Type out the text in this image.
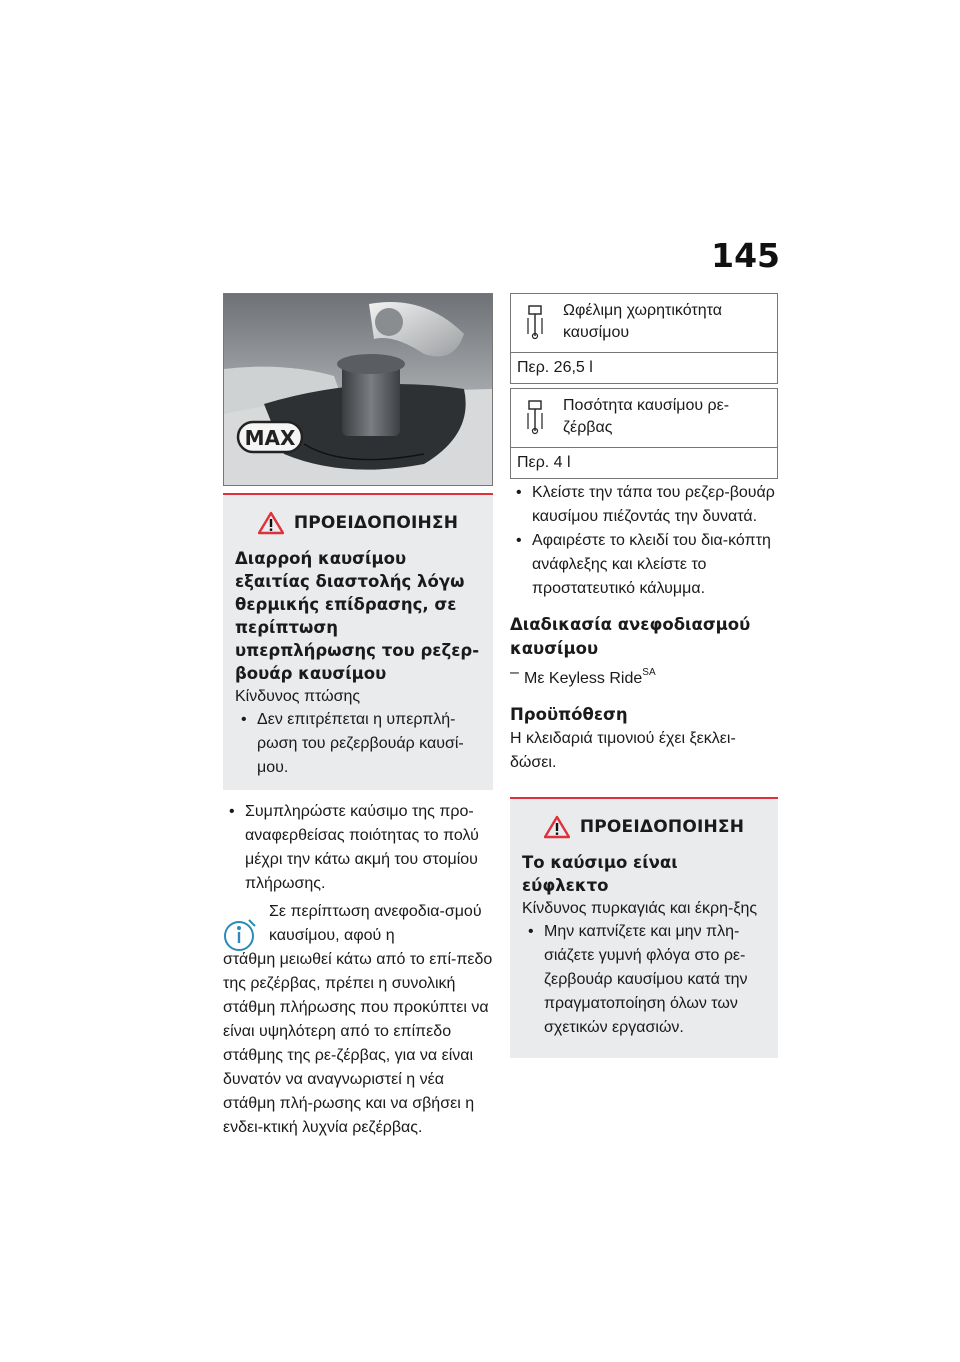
145
MAX
ΠΡΟΕΙΔΟΠΟΙΗΣΗ
Διαρροή καυσίμου εξαιτίας διαστολής λόγω θερμικής επίδρασης, σε περίπτωση υπερπλήρωσης του ρεζερ-βουάρ καυσίμου
Κίνδυνος πτώσης
• Δεν επιτρέπεται η υπερπλή-ρωση του ρεζερβουάρ καυσί-μου.
• Συμπληρώστε καύσιμο της προ-αναφερθείσας ποιότητας το πολύ μέχρι την κάτω ακμή του στομίου πλήρωσης.
Σε περίπτωση ανεφοδια-σμού καυσίμου, αφού η
στάθμη μειωθεί κάτω από το επί-πεδο της ρεζέρβας, πρέπει η συνολική στάθμη πλήρωσης που προκύπτει να είναι υψηλότερη από το επίπεδο στάθμης της ρε-ζέρβας, για να είναι δυνατόν να αναγνωριστεί η νέα στάθμη πλή-ρωσης και να σβήσει η ενδει-κτική λυχνία ρεζέρβας.
Ωφέλιμη χωρητικότητα καυσίμου

Περ. 26,5 l
Ποσότητα καυσίμου ρε-ζέρβας

Περ. 4 l
• Κλείστε την τάπα του ρεζερ-βουάρ καυσίμου πιέζοντάς την δυνατά.
• Αφαιρέστε το κλειδί του δια-κόπτη ανάφλεξης και κλείστε το προστατευτικό κάλυμμα.
Διαδικασία ανεφοδιασμού καυσίμου
– Με Keyless Ride$^{SA}$
Προϋπόθεση
Η κλειδαριά τιμονιού έχει ξεκλει-δώσει.
ΠΡΟΕΙΔΟΠΟΙΗΣΗ
Το καύσιμο είναι εύφλεκτο
Κίνδυνος πυρκαγιάς και έκρη-ξης
• Μην καπνίζετε και μην πλη-σιάζετε γυμνή φλόγα στο ρε-ζερβουάρ καυσίμου κατά την πραγματοποίηση όλων των σχετικών εργασιών.
